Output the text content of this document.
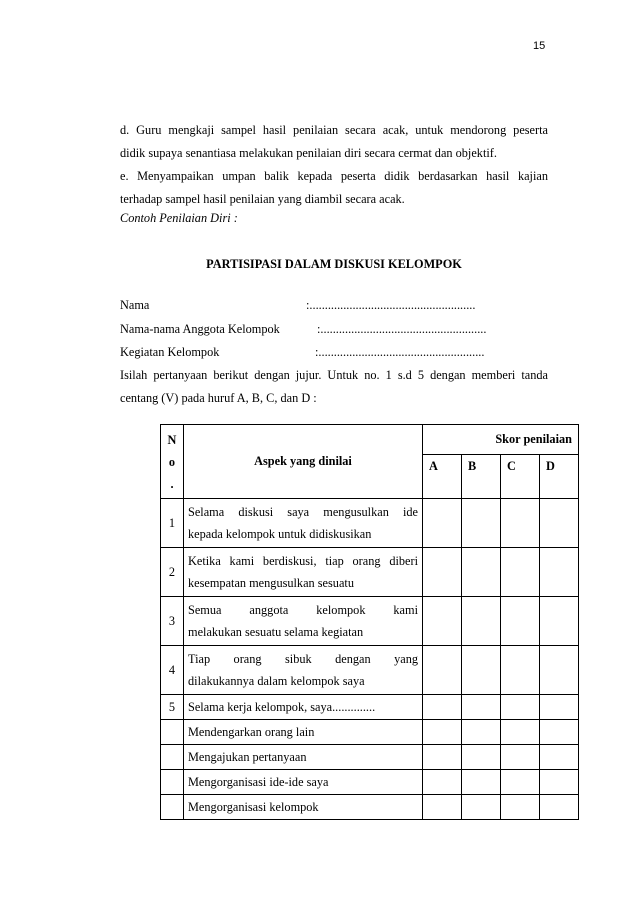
15
d. Guru mengkaji sampel hasil penilaian secara acak, untuk mendorong peserta
didik supaya senantiasa melakukan penilaian diri secara cermat dan objektif.
e. Menyampaikan umpan balik kepada peserta didik berdasarkan hasil kajian
terhadap sampel hasil penilaian yang diambil secara acak.
Contoh Penilaian Diri :
PARTISIPASI DALAM DISKUSI KELOMPOK
Nama	:......................................................
Nama-nama Anggota Kelompok	:......................................................
Kegiatan Kelompok	:......................................................
Isilah pertanyaan berikut dengan jujur. Untuk no. 1 s.d 5 dengan memberi tanda
centang (V) pada huruf A, B, C, dan D :
N
o
.	Aspek yang dinilai	Skor penilaian			
		A	B	C	D
1	Selama diskusi saya mengusulkan ide
kepada kelompok untuk didiskusikan				

2	Ketika kami berdiskusi, tiap orang diberi
kesempatan mengusulkan sesuatu				

3	Semua anggota kelompok kami
melakukan sesuatu selama kegiatan				

4	Tiap orang sibuk dengan yang
dilakukannya dalam kelompok saya				

5	Selama kerja kelompok, saya..............				
	Mendengarkan orang lain				
	Mengajukan pertanyaan				
	Mengorganisasi ide-ide saya				
	Mengorganisasi kelompok				
